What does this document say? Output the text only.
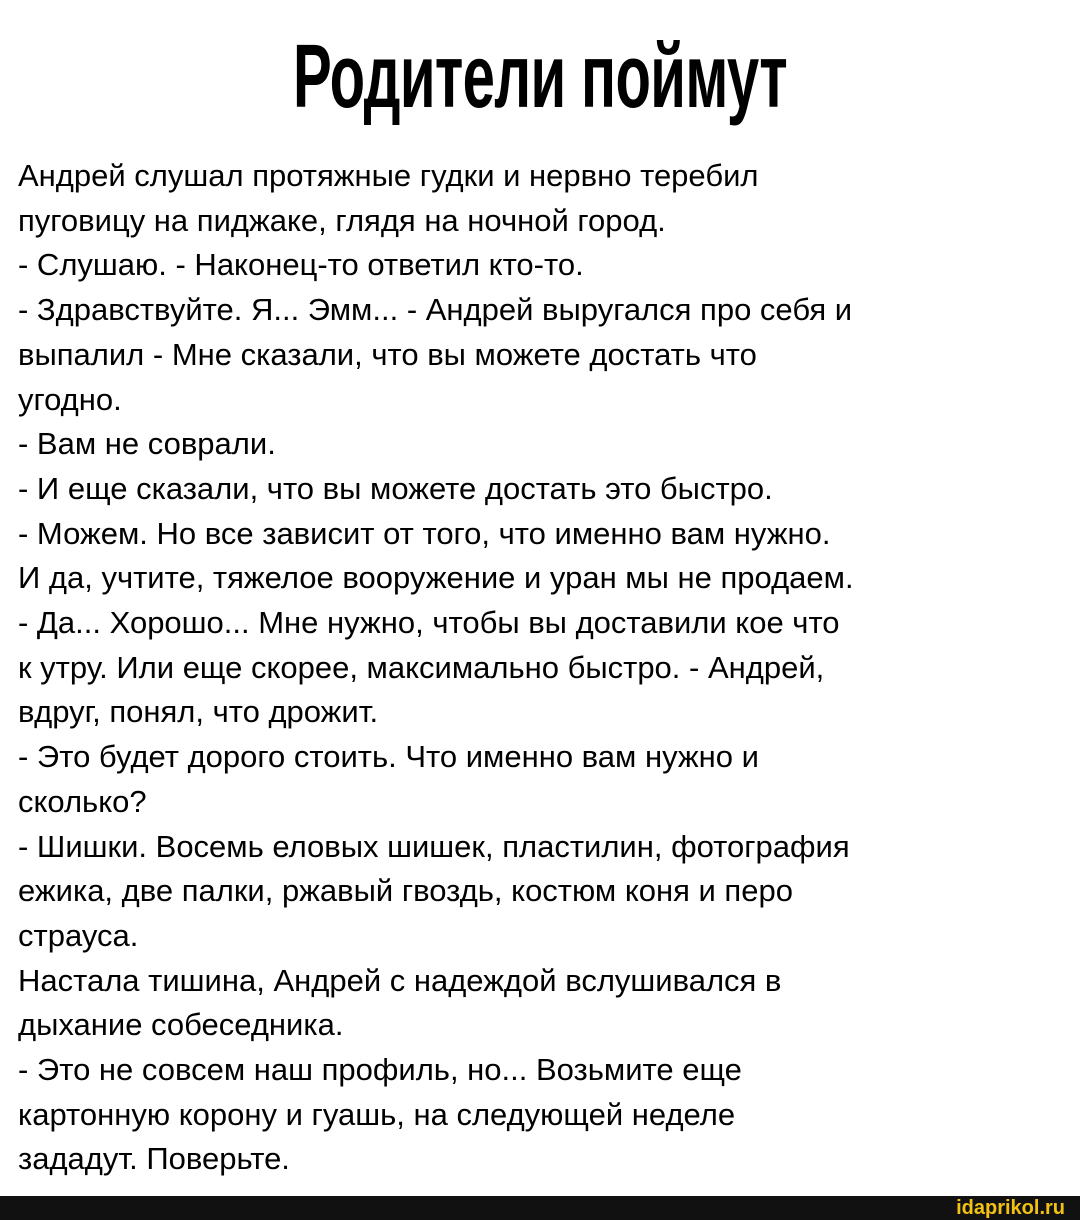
Родители поймут
Андрей слушал протяжные гудки и нервно теребил
пуговицу на пиджаке, глядя на ночной город.
- Слушаю. - Наконец-то ответил кто-то.
- Здравствуйте. Я... Эмм... - Андрей выругался про себя и
выпалил - Мне сказали, что вы можете достать что
угодно.
- Вам не соврали.
- И еще сказали, что вы можете достать это быстро.
- Можем. Но все зависит от того, что именно вам нужно.
И да, учтите, тяжелое вооружение и уран мы не продаем.
- Да... Хорошо... Мне нужно, чтобы вы доставили кое что
к утру. Или еще скорее, максимально быстро. - Андрей,
вдруг, понял, что дрожит.
- Это будет дорого стоить. Что именно вам нужно и
сколько?
- Шишки. Восемь еловых шишек, пластилин, фотография
ежика, две палки, ржавый гвоздь, костюм коня и перо
страуса.
Настала тишина, Андрей с надеждой вслушивался в
дыхание собеседника.
- Это не совсем наш профиль, но... Возьмите еще
картонную корону и гуашь, на следующей неделе
зададут. Поверьте.
idaprikol.ru
